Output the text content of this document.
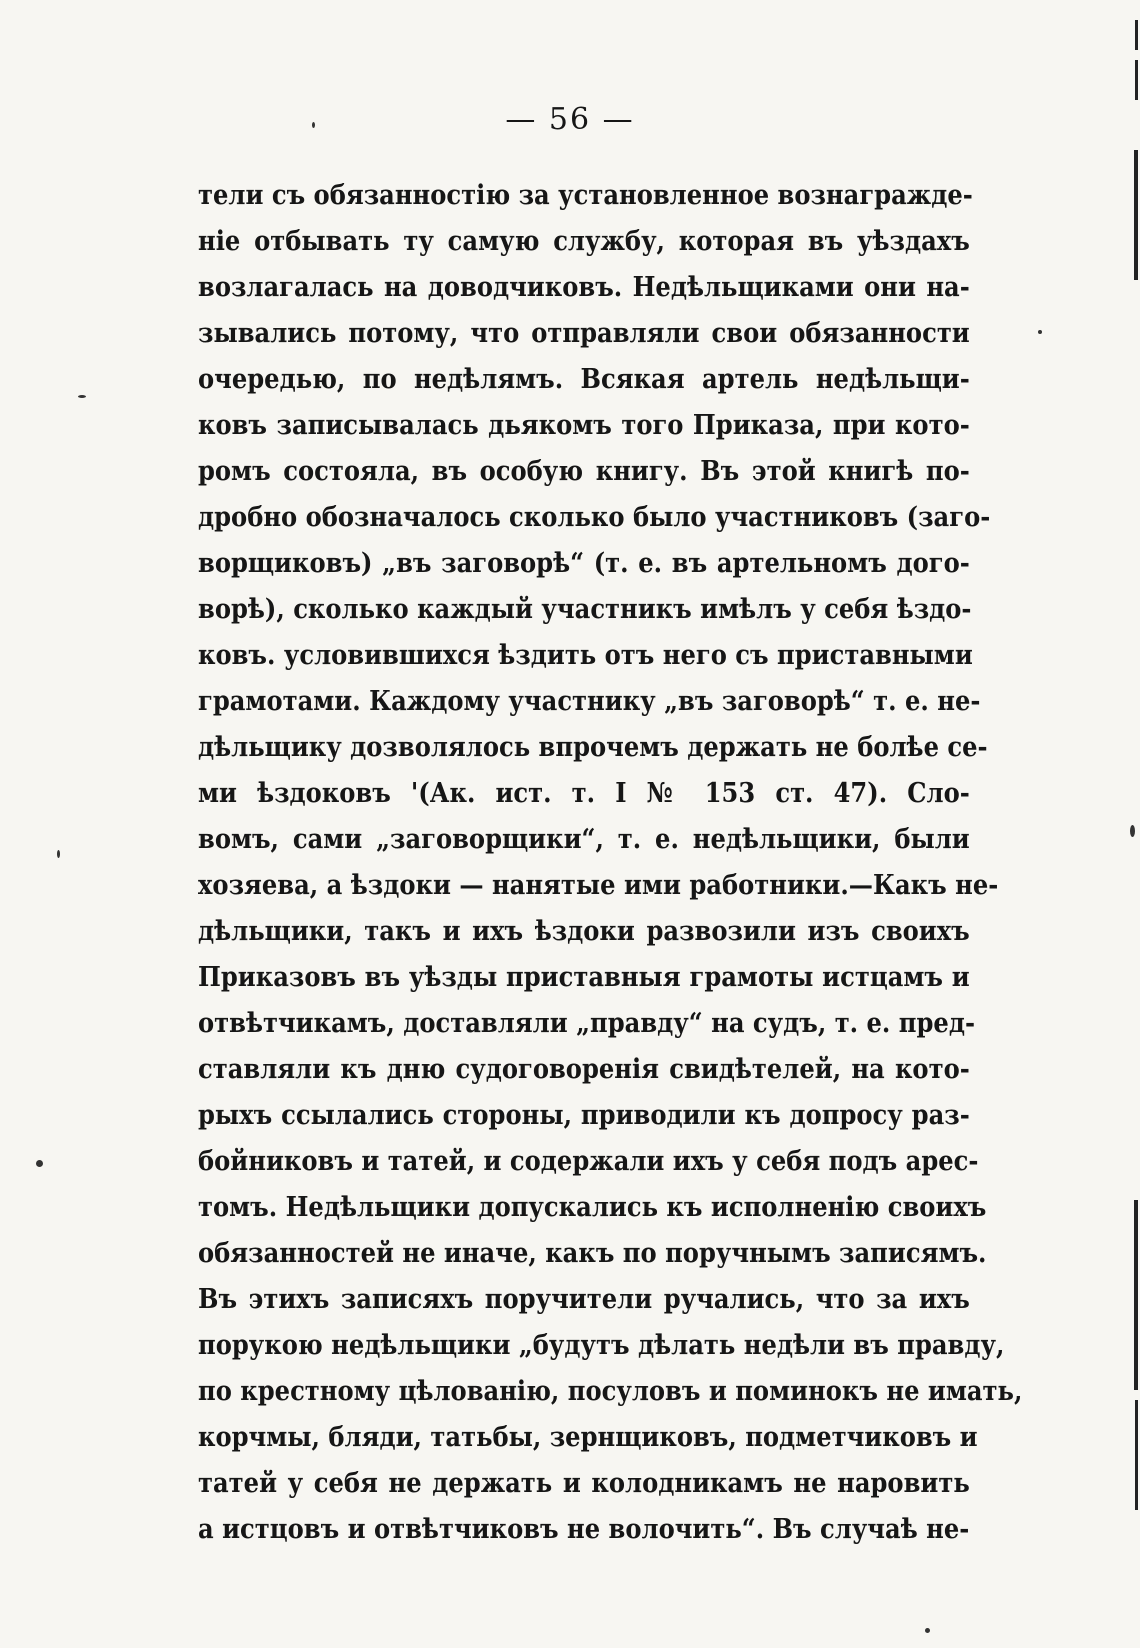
— 56 —
тели съ обязанностію за установленное вознагражде-
ніе отбывать ту самую службу, которая въ уѣздахъ
возлагалась на доводчиковъ. Недѣльщиками они на-
зывались потому, что отправляли свои обязанности
очередью, по недѣлямъ. Всякая артель недѣльщи-
ковъ записывалась дьякомъ того Приказа, при кото-
ромъ состояла, въ особую книгу. Въ этой книгѣ по-
дробно обозначалось сколько было участниковъ (заго-
ворщиковъ) „въ заговорѣ“ (т. е. въ артельномъ дого-
ворѣ), сколько каждый участникъ имѣлъ у себя ѣздо-
ковъ. условившихся ѣздить отъ него съ приставными
грамотами. Каждому участнику „въ заговорѣ“ т. е. не-
дѣльщику дозволялось впрочемъ держать не болѣе се-
ми ѣздоковъ '(Ак. ист. т. I № 153 ст. 47). Сло-
вомъ, сами „заговорщики“, т. е. недѣльщики, были
хозяева, а ѣздоки — нанятые ими работники.—Какъ не-
дѣльщики, такъ и ихъ ѣздоки развозили изъ своихъ
Приказовъ въ уѣзды приставныя грамоты истцамъ и
отвѣтчикамъ, доставляли „правду“ на судъ, т. е. пред-
ставляли къ дню судоговоренія свидѣтелей, на кото-
рыхъ ссылались стороны, приводили къ допросу раз-
бойниковъ и татей, и содержали ихъ у себя подъ арес-
томъ. Недѣльщики допускались къ исполненію своихъ
обязанностей не иначе, какъ по поручнымъ записямъ.
Въ этихъ записяхъ поручители ручались, что за ихъ
порукою недѣльщики „будутъ дѣлать недѣли въ правду,
по крестному цѣлованію, посуловъ и поминокъ не имать,
корчмы, бляди, татьбы, зернщиковъ, подметчиковъ и
татей у себя не держать и колодникамъ не наровить
а истцовъ и отвѣтчиковъ не волочить“. Въ случаѣ не-
